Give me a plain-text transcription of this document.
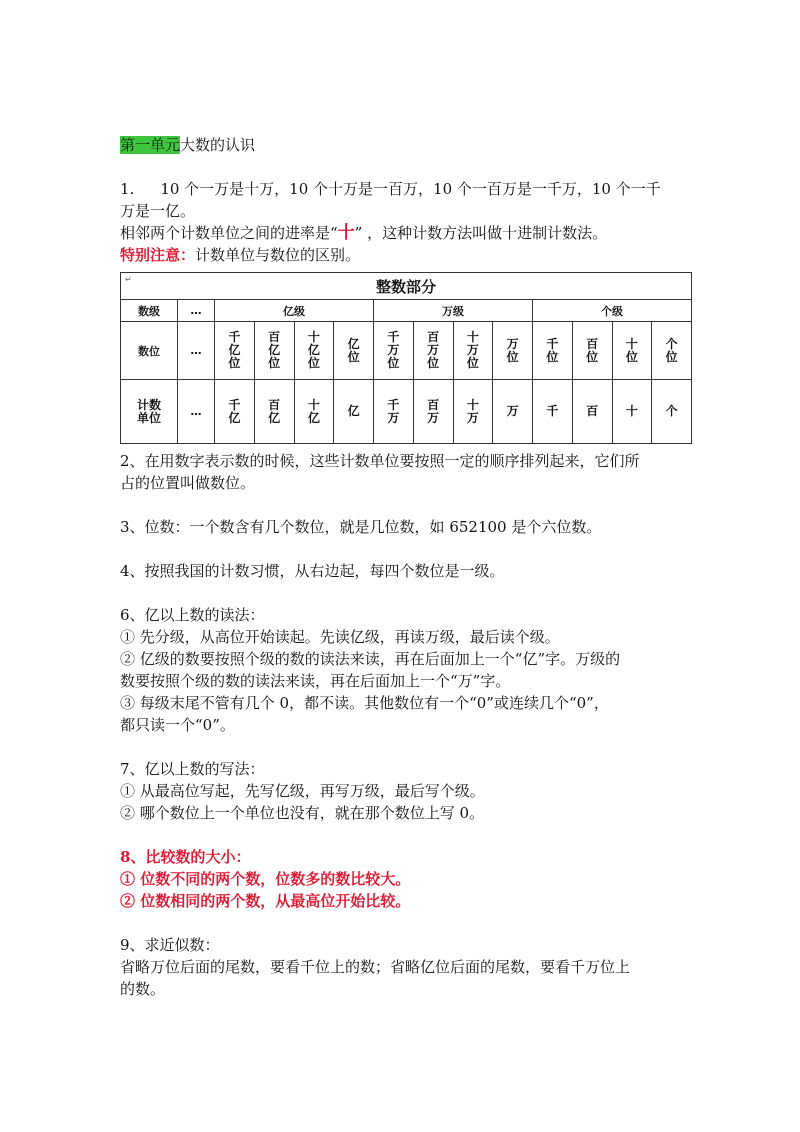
第一单元大数的认识
1. 10 个一万是十万，10 个十万是一百万，10 个一百万是一千万，10 个一千
万是一亿。
相邻两个计数单位之间的进率是“十” ，这种计数方法叫做十进制计数法。
特别注意：计数单位与数位的区别。
↵ 整数部分													
数级	…	亿级				万级				个级			
数位	…	千亿位	百亿位	十亿位	亿位	千万位	百万位	十万位	万位	千位	百位	十位	个位
计数单位	…	千亿	百亿	十亿	亿	千万	百万	十万	万	千	百	十	个
2、在用数字表示数的时候，这些计数单位要按照一定的顺序排列起来，它们所
占的位置叫做数位。
3、位数：一个数含有几个数位，就是几位数，如 652100 是个六位数。
4、按照我国的计数习惯，从右边起，每四个数位是一级。
6、亿以上数的读法：
① 先分级，从高位开始读起。先读亿级，再读万级，最后读个级。
② 亿级的数要按照个级的数的读法来读，再在后面加上一个“亿”字。万级的
数要按照个级的数的读法来读，再在后面加上一个“万”字。
③ 每级末尾不管有几个 0，都不读。其他数位有一个“0”或连续几个“0”，
都只读一个“0”。
7、亿以上数的写法：
① 从最高位写起，先写亿级，再写万级，最后写个级。
② 哪个数位上一个单位也没有，就在那个数位上写 0。
8、比较数的大小：
① 位数不同的两个数，位数多的数比较大。
② 位数相同的两个数，从最高位开始比较。
9、求近似数：
省略万位后面的尾数，要看千位上的数；省略亿位后面的尾数，要看千万位上
的数。
